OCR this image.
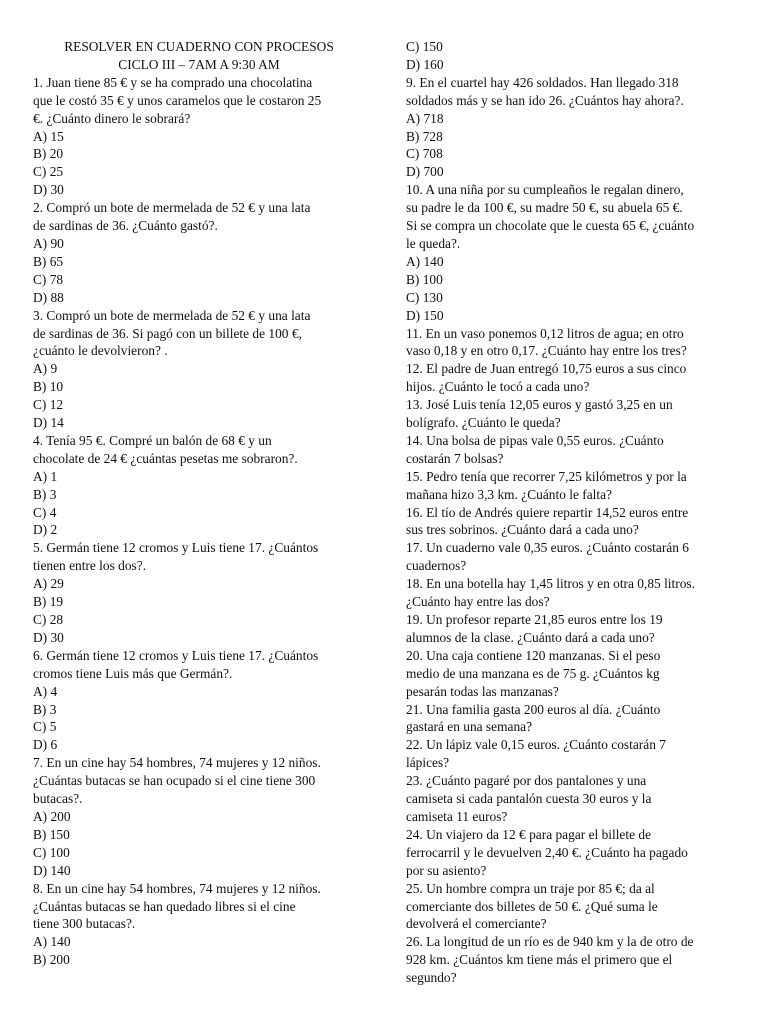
RESOLVER EN CUADERNO CON PROCESOS
CICLO III – 7AM A 9:30 AM
1. Juan tiene 85 € y se ha comprado una chocolatina
que le costó 35 € y unos caramelos que le costaron 25
€. ¿Cuánto dinero le sobrará?
A) 15
B) 20
C) 25
D) 30
2. Compró un bote de mermelada de 52 € y una lata
de sardinas de 36. ¿Cuánto gastó?.
A) 90
B) 65
C) 78
D) 88
3. Compró un bote de mermelada de 52 € y una lata
de sardinas de 36. Si pagó con un billete de 100 €,
¿cuánto le devolvieron? .
A) 9
B) 10
C) 12
D) 14
4. Tenía 95 €. Compré un balón de 68 € y un
chocolate de 24 € ¿cuántas pesetas me sobraron?.
A) 1
B) 3
C) 4
D) 2
5. Germán tiene 12 cromos y Luis tiene 17. ¿Cuántos
tienen entre los dos?.
A) 29
B) 19
C) 28
D) 30
6. Germán tiene 12 cromos y Luis tiene 17. ¿Cuántos
cromos tiene Luis más que Germán?.
A) 4
B) 3
C) 5
D) 6
7. En un cine hay 54 hombres, 74 mujeres y 12 niños.
¿Cuántas butacas se han ocupado si el cine tiene 300
butacas?.
A) 200
B) 150
C) 100
D) 140
8. En un cine hay 54 hombres, 74 mujeres y 12 niños.
¿Cuántas butacas se han quedado libres si el cine
tiene 300 butacas?.
A) 140
B) 200
C) 150
D) 160
9. En el cuartel hay 426 soldados. Han llegado 318
soldados más y se han ido 26. ¿Cuántos hay ahora?.
A) 718
B) 728
C) 708
D) 700
10. A una niña por su cumpleaños le regalan dinero,
su padre le da 100 €, su madre 50 €, su abuela 65 €.
Si se compra un chocolate que le cuesta 65 €, ¿cuánto
le queda?.
A) 140
B) 100
C) 130
D) 150
11. En un vaso ponemos 0,12 litros de agua; en otro
vaso 0,18 y en otro 0,17. ¿Cuánto hay entre los tres?
12. El padre de Juan entregó 10,75 euros a sus cinco
hijos. ¿Cuánto le tocó a cada uno?
13. José Luis tenía 12,05 euros y gastó 3,25 en un
bolígrafo. ¿Cuánto le queda?
14. Una bolsa de pipas vale 0,55 euros. ¿Cuánto
costarán 7 bolsas?
15. Pedro tenía que recorrer 7,25 kilómetros y por la
mañana hizo 3,3 km. ¿Cuánto le falta?
16. El tío de Andrés quiere repartir 14,52 euros entre
sus tres sobrinos. ¿Cuánto dará a cada uno?
17. Un cuaderno vale 0,35 euros. ¿Cuánto costarán 6
cuadernos?
18. En una botella hay 1,45 litros y en otra 0,85 litros.
¿Cuánto hay entre las dos?
19. Un profesor reparte 21,85 euros entre los 19
alumnos de la clase. ¿Cuánto dará a cada uno?
20. Una caja contiene 120 manzanas. Si el peso
medio de una manzana es de 75 g. ¿Cuántos kg
pesarán todas las manzanas?
21. Una familia gasta 200 euros al día. ¿Cuánto
gastará en una semana?
22. Un lápiz vale 0,15 euros. ¿Cuánto costarán 7
lápices?
23. ¿Cuánto pagaré por dos pantalones y una
camiseta si cada pantalón cuesta 30 euros y la
camiseta 11 euros?
24. Un viajero da 12 € para pagar el billete de
ferrocarril y le devuelven 2,40 €. ¿Cuánto ha pagado
por su asiento?
25. Un hombre compra un traje por 85 €; da al
comerciante dos billetes de 50 €. ¿Qué suma le
devolverá el comerciante?
26. La longitud de un río es de 940 km y la de otro de
928 km. ¿Cuántos km tiene más el primero que el
segundo?
